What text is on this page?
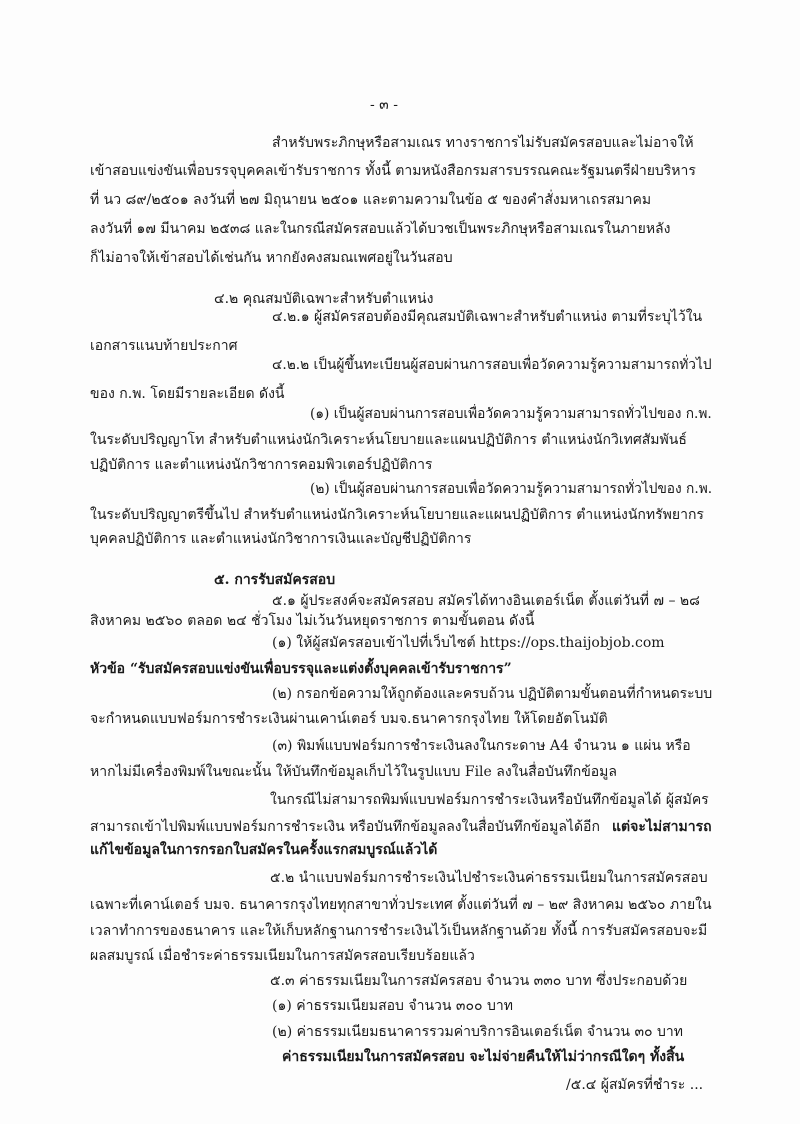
- ๓ -
สำหรับพระภิกษุหรือสามเณร ทางราชการไม่รับสมัครสอบและไม่อาจให้
เข้าสอบแข่งขันเพื่อบรรจุบุคคลเข้ารับราชการ ทั้งนี้ ตามหนังสือกรมสารบรรณคณะรัฐมนตรีฝ่ายบริหาร
ที่ นว ๘๙/๒๕๐๑ ลงวันที่ ๒๗ มิถุนายน ๒๕๐๑ และตามความในข้อ ๕ ของคำสั่งมหาเถรสมาคม
ลงวันที่ ๑๗ มีนาคม ๒๕๓๘ และในกรณีสมัครสอบแล้วได้บวชเป็นพระภิกษุหรือสามเณรในภายหลัง
ก็ไม่อาจให้เข้าสอบได้เช่นกัน หากยังคงสมณเพศอยู่ในวันสอบ
๔.๒ คุณสมบัติเฉพาะสำหรับตำแหน่ง
๔.๒.๑ ผู้สมัครสอบต้องมีคุณสมบัติเฉพาะสำหรับตำแหน่ง ตามที่ระบุไว้ใน
เอกสารแนบท้ายประกาศ
๔.๒.๒ เป็นผู้ขึ้นทะเบียนผู้สอบผ่านการสอบเพื่อวัดความรู้ความสามารถทั่วไป
ของ ก.พ. โดยมีรายละเอียด ดังนี้
(๑) เป็นผู้สอบผ่านการสอบเพื่อวัดความรู้ความสามารถทั่วไปของ ก.พ.
ในระดับปริญญาโท สำหรับตำแหน่งนักวิเคราะห์นโยบายและแผนปฏิบัติการ ตำแหน่งนักวิเทศสัมพันธ์
ปฏิบัติการ และตำแหน่งนักวิชาการคอมพิวเตอร์ปฏิบัติการ
(๒) เป็นผู้สอบผ่านการสอบเพื่อวัดความรู้ความสามารถทั่วไปของ ก.พ.
ในระดับปริญญาตรีขึ้นไป สำหรับตำแหน่งนักวิเคราะห์นโยบายและแผนปฏิบัติการ ตำแหน่งนักทรัพยากร
บุคคลปฏิบัติการ และตำแหน่งนักวิชาการเงินและบัญชีปฏิบัติการ
๕. การรับสมัครสอบ
๕.๑ ผู้ประสงค์จะสมัครสอบ สมัครได้ทางอินเตอร์เน็ต ตั้งแต่วันที่ ๗ – ๒๘
สิงหาคม ๒๕๖๐ ตลอด ๒๔ ชั่วโมง ไม่เว้นวันหยุดราชการ ตามขั้นตอน ดังนี้
(๑) ให้ผู้สมัครสอบเข้าไปที่เว็บไซต์ https://ops.thaijobjob.com
หัวข้อ “รับสมัครสอบแข่งขันเพื่อบรรจุและแต่งตั้งบุคคลเข้ารับราชการ”
(๒) กรอกข้อความให้ถูกต้องและครบถ้วน ปฏิบัติตามขั้นตอนที่กำหนดระบบ
จะกำหนดแบบฟอร์มการชำระเงินผ่านเคาน์เตอร์ บมจ.ธนาคารกรุงไทย ให้โดยอัตโนมัติ
(๓) พิมพ์แบบฟอร์มการชำระเงินลงในกระดาษ A4 จำนวน ๑ แผ่น หรือ
หากไม่มีเครื่องพิมพ์ในขณะนั้น ให้บันทึกข้อมูลเก็บไว้ในรูปแบบ File ลงในสื่อบันทึกข้อมูล
ในกรณีไม่สามารถพิมพ์แบบฟอร์มการชำระเงินหรือบันทึกข้อมูลได้ ผู้สมัคร
สามารถเข้าไปพิมพ์แบบฟอร์มการชำระเงิน หรือบันทึกข้อมูลลงในสื่อบันทึกข้อมูลได้อีก แต่จะไม่สามารถ
แก้ไขข้อมูลในการกรอกใบสมัครในครั้งแรกสมบูรณ์แล้วได้
๕.๒ นำแบบฟอร์มการชำระเงินไปชำระเงินค่าธรรมเนียมในการสมัครสอบ
เฉพาะที่เคาน์เตอร์ บมจ. ธนาคารกรุงไทยทุกสาขาทั่วประเทศ ตั้งแต่วันที่ ๗ – ๒๙ สิงหาคม ๒๕๖๐ ภายใน
เวลาทำการของธนาคาร และให้เก็บหลักฐานการชำระเงินไว้เป็นหลักฐานด้วย ทั้งนี้ การรับสมัครสอบจะมี
ผลสมบูรณ์ เมื่อชำระค่าธรรมเนียมในการสมัครสอบเรียบร้อยแล้ว
๕.๓ ค่าธรรมเนียมในการสมัครสอบ จำนวน ๓๓๐ บาท ซึ่งประกอบด้วย
(๑) ค่าธรรมเนียมสอบ จำนวน ๓๐๐ บาท
(๒) ค่าธรรมเนียมธนาคารรวมค่าบริการอินเตอร์เน็ต จำนวน ๓๐ บาท
ค่าธรรมเนียมในการสมัครสอบ จะไม่จ่ายคืนให้ไม่ว่ากรณีใดๆ ทั้งสิ้น
/๕.๔ ผู้สมัครที่ชำระ ...
